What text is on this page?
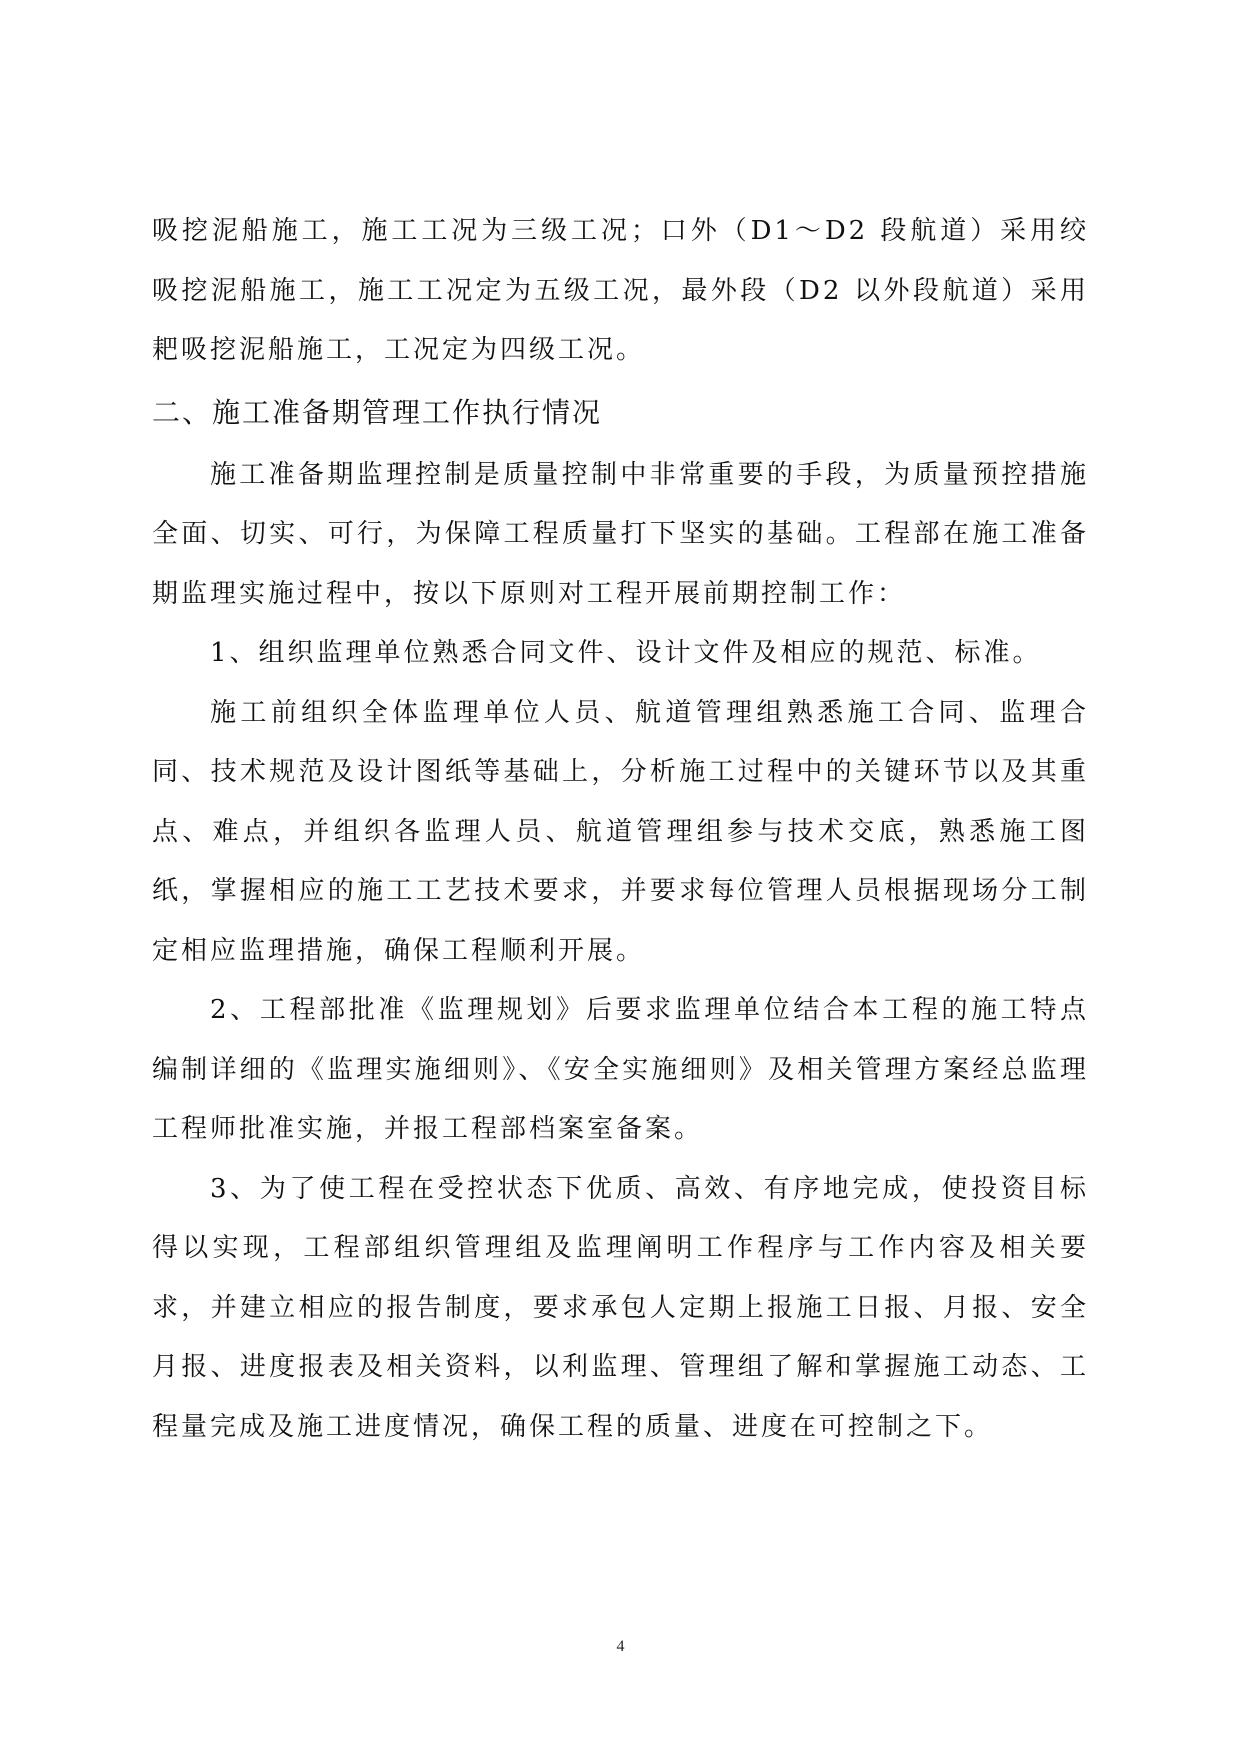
吸挖泥船施工，施工工况为三级工况；口外（D1～D2 段航道）采用绞吸挖泥船施工，施工工况定为五级工况，最外段（D2 以外段航道）采用耙吸挖泥船施工，工况定为四级工况。

二、施工准备期管理工作执行情况

施工准备期监理控制是质量控制中非常重要的手段，为质量预控措施全面、切实、可行，为保障工程质量打下坚实的基础。工程部在施工准备期监理实施过程中，按以下原则对工程开展前期控制工作：

1、组织监理单位熟悉合同文件、设计文件及相应的规范、标准。

施工前组织全体监理单位人员、航道管理组熟悉施工合同、监理合同、技术规范及设计图纸等基础上，分析施工过程中的关键环节以及其重点、难点，并组织各监理人员、航道管理组参与技术交底，熟悉施工图纸，掌握相应的施工工艺技术要求，并要求每位管理人员根据现场分工制定相应监理措施，确保工程顺利开展。

2、工程部批准《监理规划》后要求监理单位结合本工程的施工特点编制详细的《监理实施细则》、《安全实施细则》及相关管理方案经总监理工程师批准实施，并报工程部档案室备案。

3、为了使工程在受控状态下优质、高效、有序地完成，使投资目标得以实现，工程部组织管理组及监理阐明工作程序与工作内容及相关要求，并建立相应的报告制度，要求承包人定期上报施工日报、月报、安全月报、进度报表及相关资料，以利监理、管理组了解和掌握施工动态、工程量完成及施工进度情况，确保工程的质量、进度在可控制之下。

4
